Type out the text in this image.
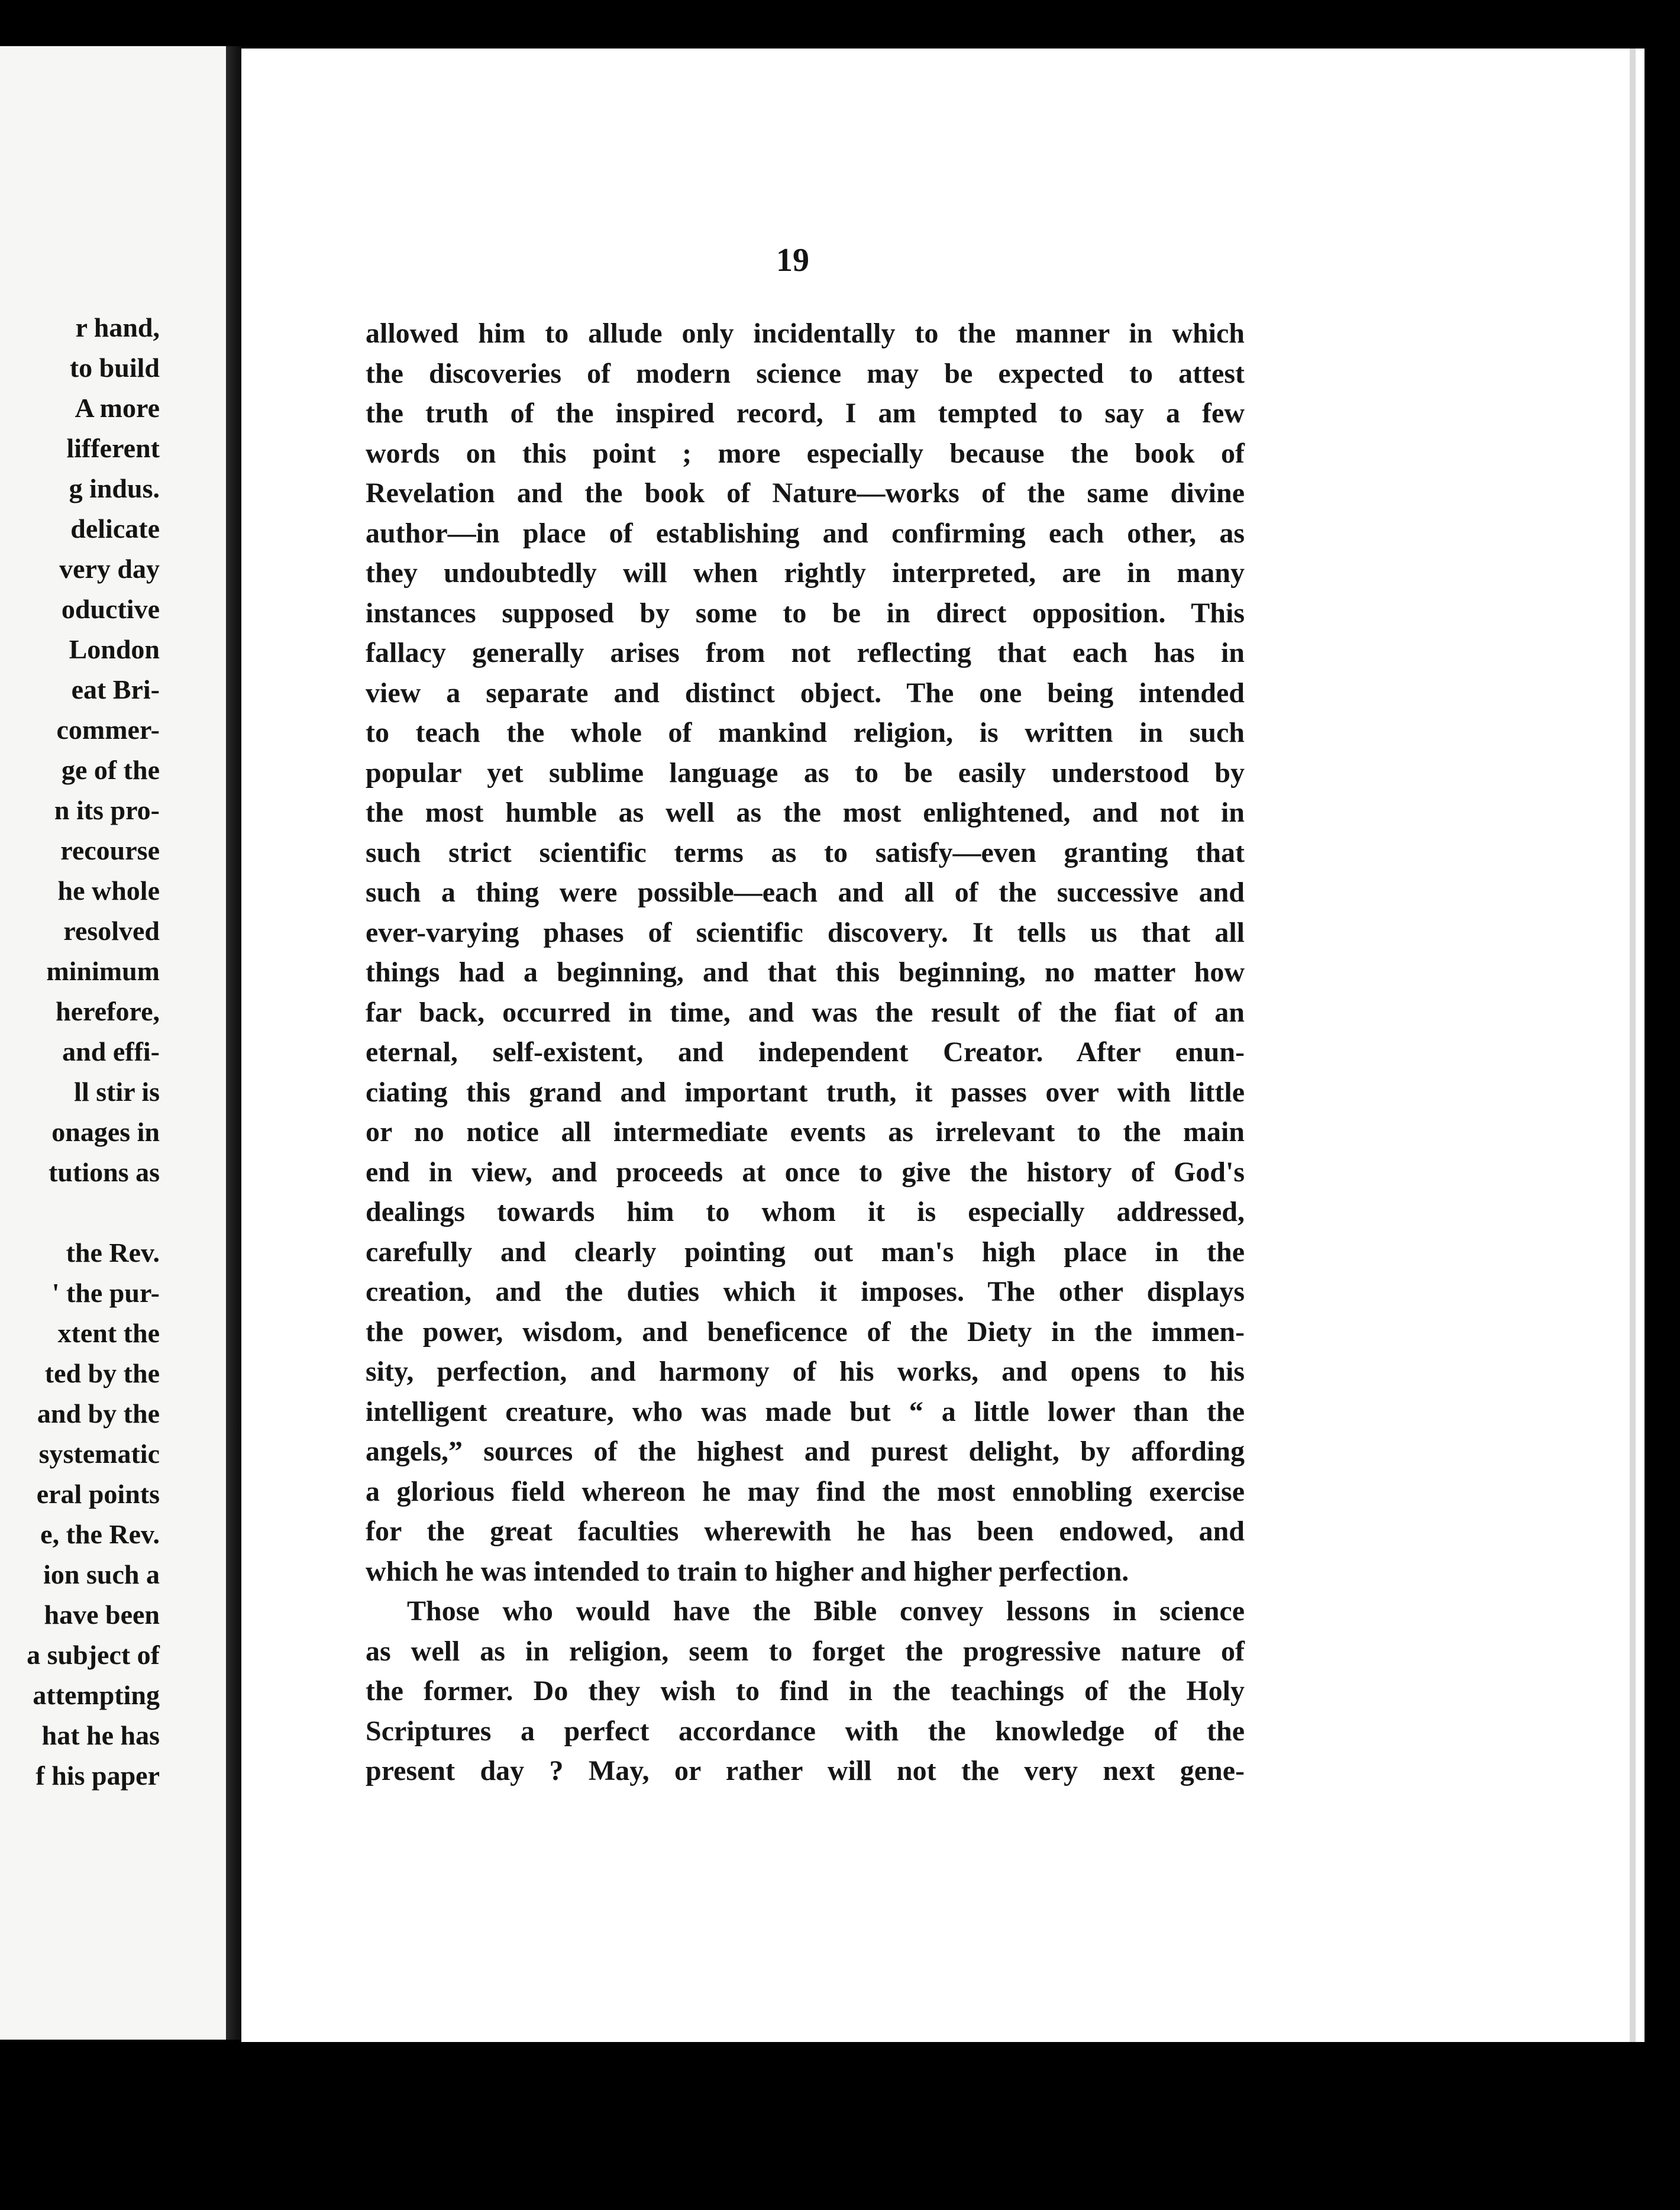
r hand,
to build
A more
lifferent
g indus.
delicate
very day
oductive
London
eat Bri-
commer-
ge of the
n its pro-
recourse
he whole
resolved
minimum
herefore,
and effi-
ll stir is
onages in
tutions as
the Rev.
' the pur-
xtent the
ted by the
and by the
systematic
eral points
e, the Rev.
ion such a
have been
a subject of
attempting
hat he has
f his paper
19
allowed him to allude only incidentally to the manner in which
the discoveries of modern science may be expected to attest
the truth of the inspired record, I am tempted to say a few
words on this point ; more especially because the book of
Revelation and the book of Nature—works of the same divine
author—in place of establishing and confirming each other, as
they undoubtedly will when rightly interpreted, are in many
instances supposed by some to be in direct opposition. This
fallacy generally arises from not reflecting that each has in
view a separate and distinct object. The one being intended
to teach the whole of mankind religion, is written in such
popular yet sublime language as to be easily understood by
the most humble as well as the most enlightened, and not in
such strict scientific terms as to satisfy—even granting that
such a thing were possible—each and all of the successive and
ever-varying phases of scientific discovery. It tells us that all
things had a beginning, and that this beginning, no matter how
far back, occurred in time, and was the result of the fiat of an
eternal, self-existent, and independent Creator. After enun-
ciating this grand and important truth, it passes over with little
or no notice all intermediate events as irrelevant to the main
end in view, and proceeds at once to give the history of God's
dealings towards him to whom it is especially addressed,
carefully and clearly pointing out man's high place in the
creation, and the duties which it imposes. The other displays
the power, wisdom, and beneficence of the Diety in the immen-
sity, perfection, and harmony of his works, and opens to his
intelligent creature, who was made but “ a little lower than the
angels,” sources of the highest and purest delight, by affording
a glorious field whereon he may find the most ennobling exercise
for the great faculties wherewith he has been endowed, and
which he was intended to train to higher and higher perfection.
Those who would have the Bible convey lessons in science
as well as in religion, seem to forget the progressive nature of
the former. Do they wish to find in the teachings of the Holy
Scriptures a perfect accordance with the knowledge of the
present day ? May, or rather will not the very next gene-
